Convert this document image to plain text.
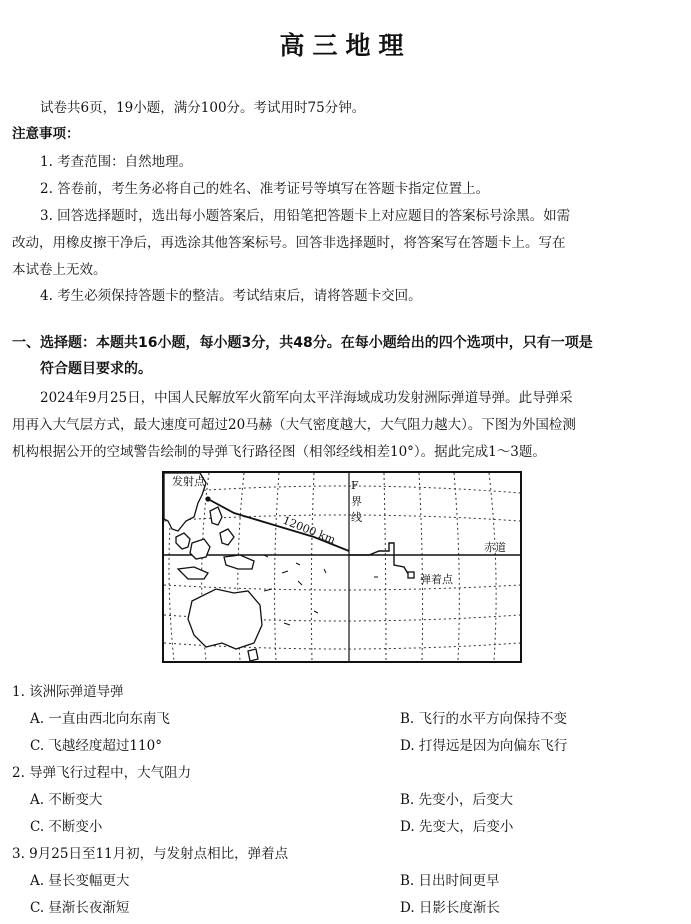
高三地理
试卷共6页，19小题，满分100分。考试用时75分钟。
注意事项：
1. 考查范围：自然地理。
2. 答卷前，考生务必将自己的姓名、准考证号等填写在答题卡指定位置上。
3. 回答选择题时，选出每小题答案后，用铅笔把答题卡上对应题目的答案标号涂黑。如需
改动，用橡皮擦干净后，再选涂其他答案标号。回答非选择题时，将答案写在答题卡上。写在
本试卷上无效。
4. 考生必须保持答题卡的整洁。考试结束后，请将答题卡交回。
一、选择题：本题共16小题，每小题3分，共48分。在每小题给出的四个选项中，只有一项是
符合题目要求的。
2024年9月25日，中国人民解放军火箭军向太平洋海域成功发射洲际弹道导弹。此导弹采
用再入大气层方式，最大速度可超过20马赫（大气密度越大，大气阻力越大）。下图为外国检测
机构根据公开的空域警告绘制的导弹飞行路径图（相邻经线相差10°）。据此完成1～3题。
发射点
12000 km
F
界
线
赤道
弹着点
1. 该洲际弹道导弹
A. 一直由西北向东南飞	B. 飞行的水平方向保持不变
C. 飞越经度超过110°	D. 打得远是因为向偏东飞行
2. 导弹飞行过程中，大气阻力
A. 不断变大	B. 先变小，后变大
C. 不断变小	D. 先变大，后变小
3. 9月25日至11月初，与发射点相比，弹着点
A. 昼长变幅更大	B. 日出时间更早
C. 昼渐长夜渐短	D. 日影长度渐长
